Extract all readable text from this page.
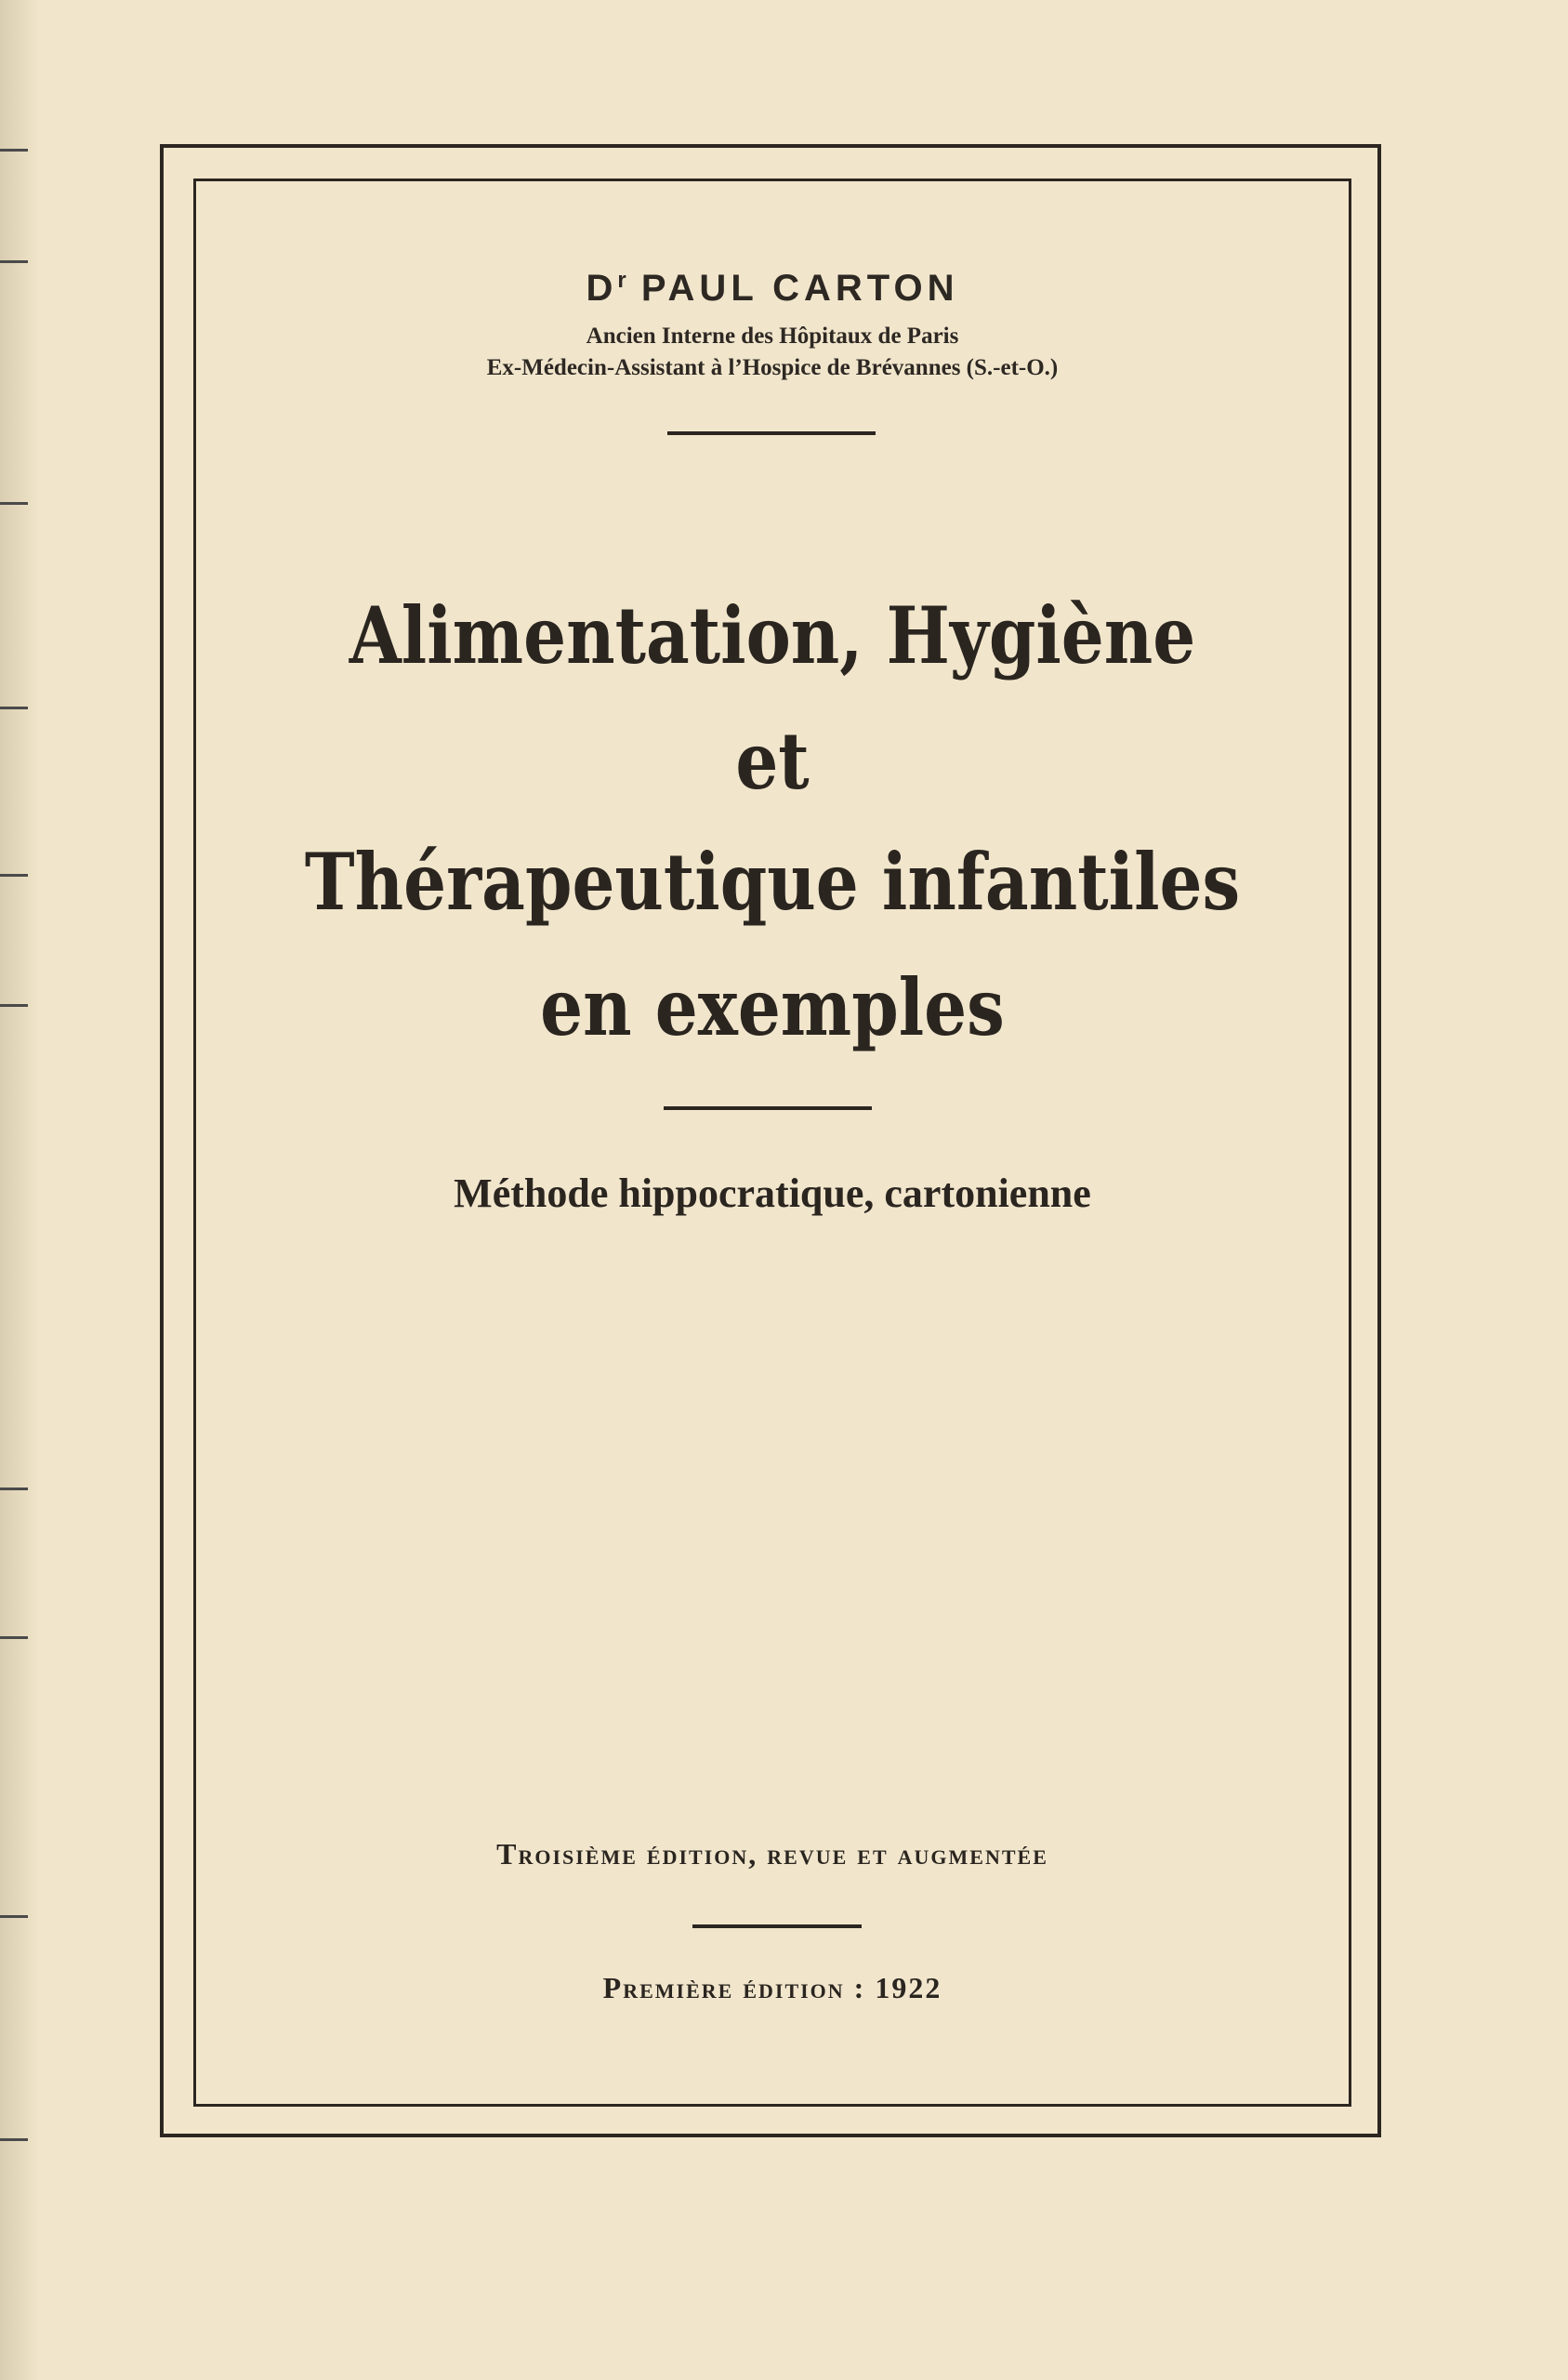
$D^r$ PAUL CARTON
Ancien Interne des Hôpitaux de Paris
Ex-Médecin-Assistant à l’Hospice de Brévannes (S.-et-O.)
Alimentation, Hygiène
et
Thérapeutique infantiles
en exemples
Méthode hippocratique, cartonienne
Troisième édition, revue et augmentée
Première édition : 1922
